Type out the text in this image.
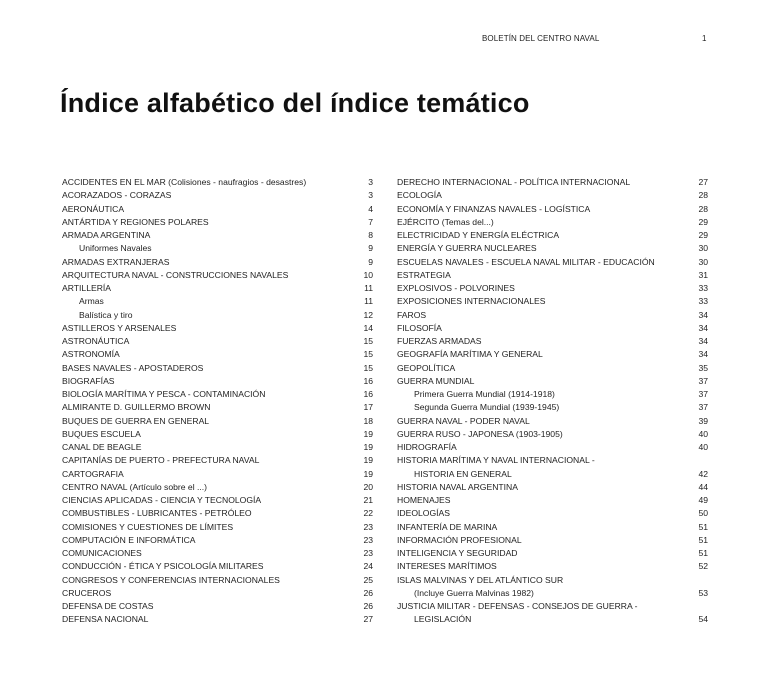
BOLETÍN DEL CENTRO NAVAL	1
Índice alfabético del índice temático
ACCIDENTES EN EL MAR (Colisiones - naufragios - desastres)	3
ACORAZADOS - CORAZAS	3
AERONÁUTICA	4
ANTÁRTIDA Y REGIONES POLARES	7
ARMADA ARGENTINA	8
Uniformes Navales	9
ARMADAS EXTRANJERAS	9
ARQUITECTURA NAVAL - CONSTRUCCIONES NAVALES	10
ARTILLERÍA	11
Armas	11
Balística y tiro	12
ASTILLEROS Y ARSENALES	14
ASTRONÁUTICA	15
ASTRONOMÍA	15
BASES NAVALES - APOSTADEROS	15
BIOGRAFÍAS	16
BIOLOGÍA MARÍTIMA Y PESCA - CONTAMINACIÓN	16
ALMIRANTE D. GUILLERMO BROWN	17
BUQUES DE GUERRA EN GENERAL	18
BUQUES ESCUELA	19
CANAL DE BEAGLE	19
CAPITANÍAS DE PUERTO - PREFECTURA NAVAL	19
CARTOGRAFIA	19
CENTRO NAVAL (Artículo sobre el ...)	20
CIENCIAS APLICADAS - CIENCIA Y TECNOLOGÍA	21
COMBUSTIBLES - LUBRICANTES - PETRÓLEO	22
COMISIONES Y CUESTIONES DE LÍMITES	23
COMPUTACIÓN E INFORMÁTICA	23
COMUNICACIONES	23
CONDUCCIÓN - ÉTICA Y PSICOLOGÍA MILITARES	24
CONGRESOS Y CONFERENCIAS INTERNACIONALES	25
CRUCEROS	26
DEFENSA DE COSTAS	26
DEFENSA NACIONAL	27
DERECHO INTERNACIONAL - POLÍTICA INTERNACIONAL	27
ECOLOGÍA	28
ECONOMÍA Y FINANZAS NAVALES - LOGÍSTICA	28
EJÉRCITO (Temas del...)	29
ELECTRICIDAD Y ENERGÍA ELÉCTRICA	29
ENERGÍA Y GUERRA NUCLEARES	30
ESCUELAS NAVALES - ESCUELA NAVAL MILITAR - EDUCACIÓN	30
ESTRATEGIA	31
EXPLOSIVOS - POLVORINES	33
EXPOSICIONES INTERNACIONALES	33
FAROS	34
FILOSOFÍA	34
FUERZAS ARMADAS	34
GEOGRAFÍA MARÍTIMA Y GENERAL	34
GEOPOLÍTICA	35
GUERRA MUNDIAL	37
Primera Guerra Mundial (1914-1918)	37
Segunda Guerra Mundial (1939-1945)	37
GUERRA NAVAL - PODER NAVAL	39
GUERRA RUSO - JAPONESA (1903-1905)	40
HIDROGRAFÍA	40
HISTORIA MARÍTIMA Y NAVAL INTERNACIONAL -
HISTORIA EN GENERAL	42
HISTORIA NAVAL ARGENTINA	44
HOMENAJES	49
IDEOLOGÍAS	50
INFANTERÍA DE MARINA	51
INFORMACIÓN PROFESIONAL	51
INTELIGENCIA Y SEGURIDAD	51
INTERESES MARÍTIMOS	52
ISLAS MALVINAS Y DEL ATLÁNTICO SUR
(Incluye Guerra Malvinas 1982)	53
JUSTICIA MILITAR - DEFENSAS - CONSEJOS DE GUERRA -
LEGISLACIÓN	54
